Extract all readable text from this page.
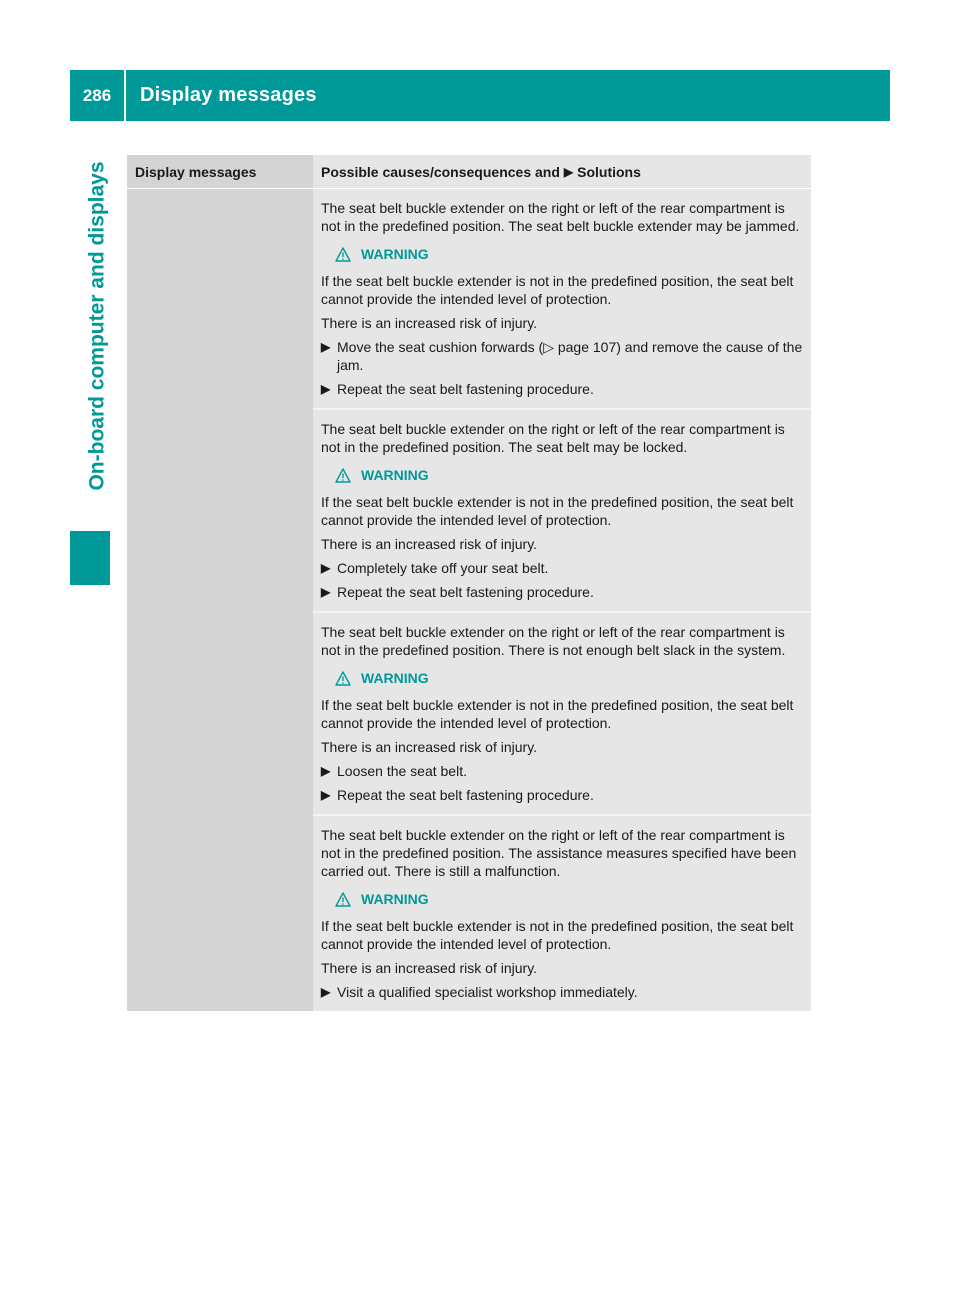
286	Display messages
On-board computer and displays Display messages	Possible causes/consequences and ▶ Solutions

The seat belt buckle extender on the right or left of the rear compartment is not in the predefined position. The seat belt buckle extender may be jammed.

WARNING

If the seat belt buckle extender is not in the predefined position, the seat belt cannot provide the intended level of protection.

There is an increased risk of injury.

▶ Move the seat cushion forwards (▷ page 107) and remove the cause of the jam.
▶ Repeat the seat belt fastening procedure.

The seat belt buckle extender on the right or left of the rear compartment is not in the predefined position. The seat belt may be locked.

WARNING

If the seat belt buckle extender is not in the predefined position, the seat belt cannot provide the intended level of protection.

There is an increased risk of injury.

▶ Completely take off your seat belt.
▶ Repeat the seat belt fastening procedure.

The seat belt buckle extender on the right or left of the rear compartment is not in the predefined position. There is not enough belt slack in the system.

WARNING

If the seat belt buckle extender is not in the predefined position, the seat belt cannot provide the intended level of protection.

There is an increased risk of injury.

▶ Loosen the seat belt.
▶ Repeat the seat belt fastening procedure.

The seat belt buckle extender on the right or left of the rear compartment is not in the predefined position. The assistance measures specified have been carried out. There is still a malfunction.

WARNING

If the seat belt buckle extender is not in the predefined position, the seat belt cannot provide the intended level of protection.

There is an increased risk of injury.

▶ Visit a qualified specialist workshop immediately.
